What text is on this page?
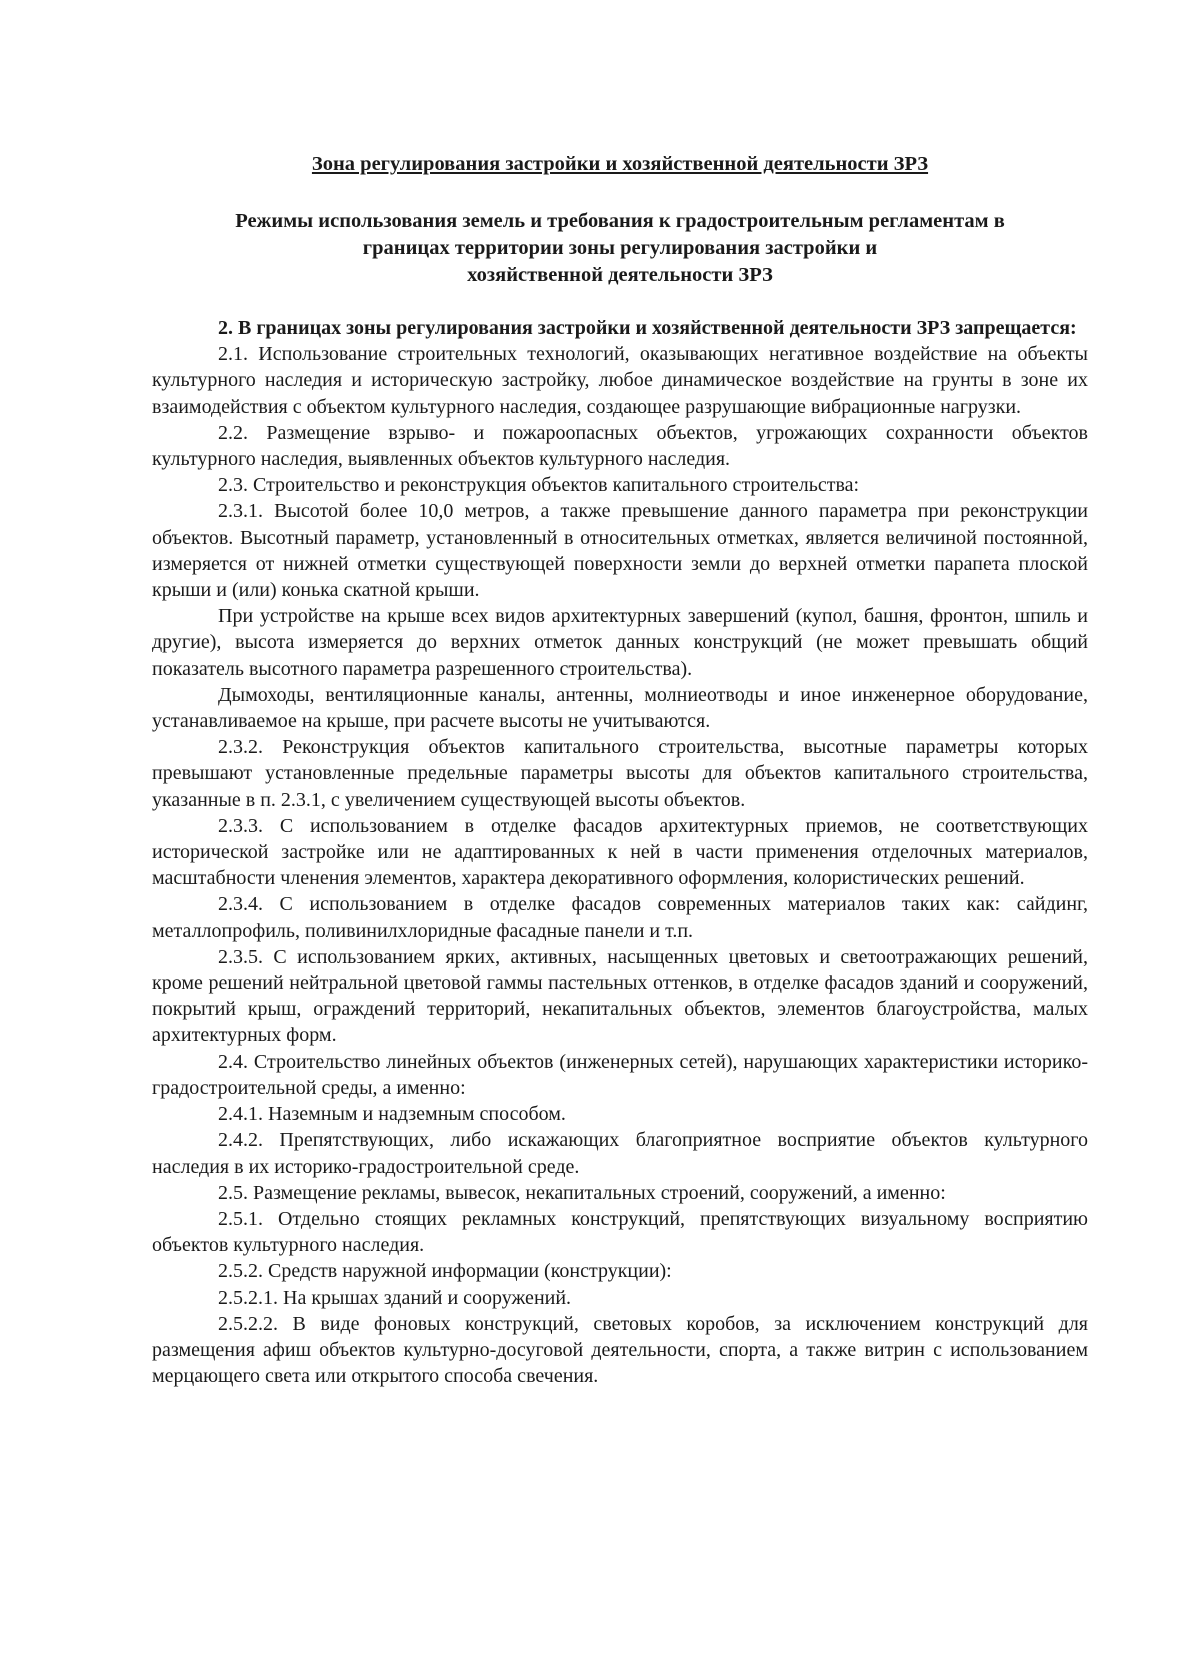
Зона регулирования застройки и хозяйственной деятельности ЗРЗ
Режимы использования земель и требования к градостроительным регламентам в
границах территории зоны регулирования застройки и
хозяйственной деятельности ЗРЗ

2. В границах зоны регулирования застройки и хозяйственной деятельности ЗРЗ запрещается:

2.1. Использование строительных технологий, оказывающих негативное воздействие на объекты культурного наследия и историческую застройку, любое динамическое воздействие на грунты в зоне их взаимодействия с объектом культурного наследия, создающее разрушающие вибрационные нагрузки.

2.2. Размещение взрыво- и пожароопасных объектов, угрожающих сохранности объектов культурного наследия, выявленных объектов культурного наследия.

2.3. Строительство и реконструкция объектов капитального строительства:

2.3.1. Высотой более 10,0 метров, а также превышение данного параметра при реконструкции объектов. Высотный параметр, установленный в относительных отметках, является величиной постоянной, измеряется от нижней отметки существующей поверхности земли до верхней отметки парапета плоской крыши и (или) конька скатной крыши.

При устройстве на крыше всех видов архитектурных завершений (купол, башня, фронтон, шпиль и другие), высота измеряется до верхних отметок данных конструкций (не может превышать общий показатель высотного параметра разрешенного строительства).

Дымоходы, вентиляционные каналы, антенны, молниеотводы и иное инженерное оборудование, устанавливаемое на крыше, при расчете высоты не учитываются.

2.3.2. Реконструкция объектов капитального строительства, высотные параметры которых превышают установленные предельные параметры высоты для объектов капитального строительства, указанные в п. 2.3.1, с увеличением существующей высоты объектов.

2.3.3. С использованием в отделке фасадов архитектурных приемов, не соответствующих исторической застройке или не адаптированных к ней в части применения отделочных материалов, масштабности членения элементов, характера декоративного оформления, колористических решений.

2.3.4. С использованием в отделке фасадов современных материалов таких как: сайдинг, металлопрофиль, поливинилхлоридные фасадные панели и т.п.

2.3.5. С использованием ярких, активных, насыщенных цветовых и светоотражающих решений, кроме решений нейтральной цветовой гаммы пастельных оттенков, в отделке фасадов зданий и сооружений, покрытий крыш, ограждений территорий, некапитальных объектов, элементов благоустройства, малых архитектурных форм.

2.4. Строительство линейных объектов (инженерных сетей), нарушающих характеристики историко-градостроительной среды, а именно:

2.4.1. Наземным и надземным способом.

2.4.2. Препятствующих, либо искажающих благоприятное восприятие объектов культурного наследия в их историко-градостроительной среде.

2.5. Размещение рекламы, вывесок, некапитальных строений, сооружений, а именно:

2.5.1. Отдельно стоящих рекламных конструкций, препятствующих визуальному восприятию объектов культурного наследия.

2.5.2. Средств наружной информации (конструкции):

2.5.2.1. На крышах зданий и сооружений.

2.5.2.2. В виде фоновых конструкций, световых коробов, за исключением конструкций для размещения афиш объектов культурно-досуговой деятельности, спорта, а также витрин с использованием мерцающего света или открытого способа свечения.
